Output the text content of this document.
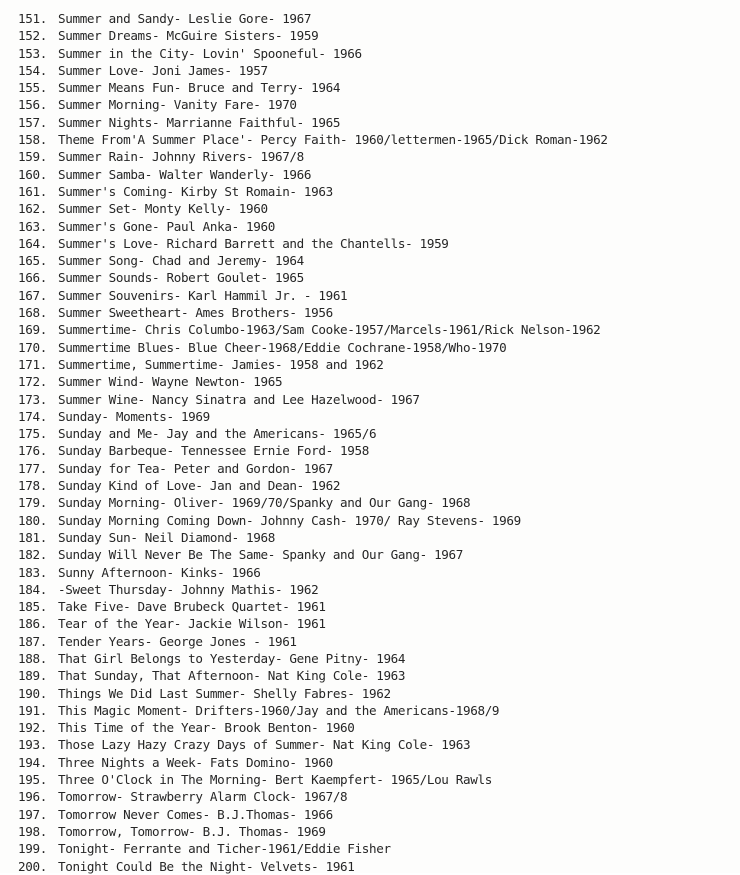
151. Summer and Sandy- Leslie Gore- 1967
152. Summer Dreams- McGuire Sisters- 1959
153. Summer in the City- Lovin' Spooneful- 1966
154. Summer Love- Joni James- 1957
155. Summer Means Fun- Bruce and Terry- 1964
156. Summer Morning- Vanity Fare- 1970
157. Summer Nights- Marrianne Faithful- 1965
158. Theme From'A Summer Place'- Percy Faith- 1960/lettermen-1965/Dick Roman-1962
159. Summer Rain- Johnny Rivers- 1967/8
160. Summer Samba- Walter Wanderly- 1966
161. Summer's Coming- Kirby St Romain- 1963
162. Summer Set- Monty Kelly- 1960
163. Summer's Gone- Paul Anka- 1960
164. Summer's Love- Richard Barrett and the Chantells- 1959
165. Summer Song- Chad and Jeremy- 1964
166. Summer Sounds- Robert Goulet- 1965
167. Summer Souvenirs- Karl Hammil Jr. - 1961
168. Summer Sweetheart- Ames Brothers- 1956
169. Summertime- Chris Columbo-1963/Sam Cooke-1957/Marcels-1961/Rick Nelson-1962
170. Summertime Blues- Blue Cheer-1968/Eddie Cochrane-1958/Who-1970
171. Summertime, Summertime- Jamies- 1958 and 1962
172. Summer Wind- Wayne Newton- 1965
173. Summer Wine- Nancy Sinatra and Lee Hazelwood- 1967
174. Sunday- Moments- 1969
175. Sunday and Me- Jay and the Americans- 1965/6
176. Sunday Barbeque- Tennessee Ernie Ford- 1958
177. Sunday for Tea- Peter and Gordon- 1967
178. Sunday Kind of Love- Jan and Dean- 1962
179. Sunday Morning- Oliver- 1969/70/Spanky and Our Gang- 1968
180. Sunday Morning Coming Down- Johnny Cash- 1970/ Ray Stevens- 1969
181. Sunday Sun- Neil Diamond- 1968
182. Sunday Will Never Be The Same- Spanky and Our Gang- 1967
183. Sunny Afternoon- Kinks- 1966
184. -Sweet Thursday- Johnny Mathis- 1962
185. Take Five- Dave Brubeck Quartet- 1961
186. Tear of the Year- Jackie Wilson- 1961
187. Tender Years- George Jones - 1961
188. That Girl Belongs to Yesterday- Gene Pitny- 1964
189. That Sunday, That Afternoon- Nat King Cole- 1963
190. Things We Did Last Summer- Shelly Fabres- 1962
191. This Magic Moment- Drifters-1960/Jay and the Americans-1968/9
192. This Time of the Year- Brook Benton- 1960
193. Those Lazy Hazy Crazy Days of Summer- Nat King Cole- 1963
194. Three Nights a Week- Fats Domino- 1960
195. Three O'Clock in The Morning- Bert Kaempfert- 1965/Lou Rawls
196. Tomorrow- Strawberry Alarm Clock- 1967/8
197. Tomorrow Never Comes- B.J.Thomas- 1966
198. Tomorrow, Tomorrow- B.J. Thomas- 1969
199. Tonight- Ferrante and Ticher-1961/Eddie Fisher
200. Tonight Could Be the Night- Velvets- 1961
